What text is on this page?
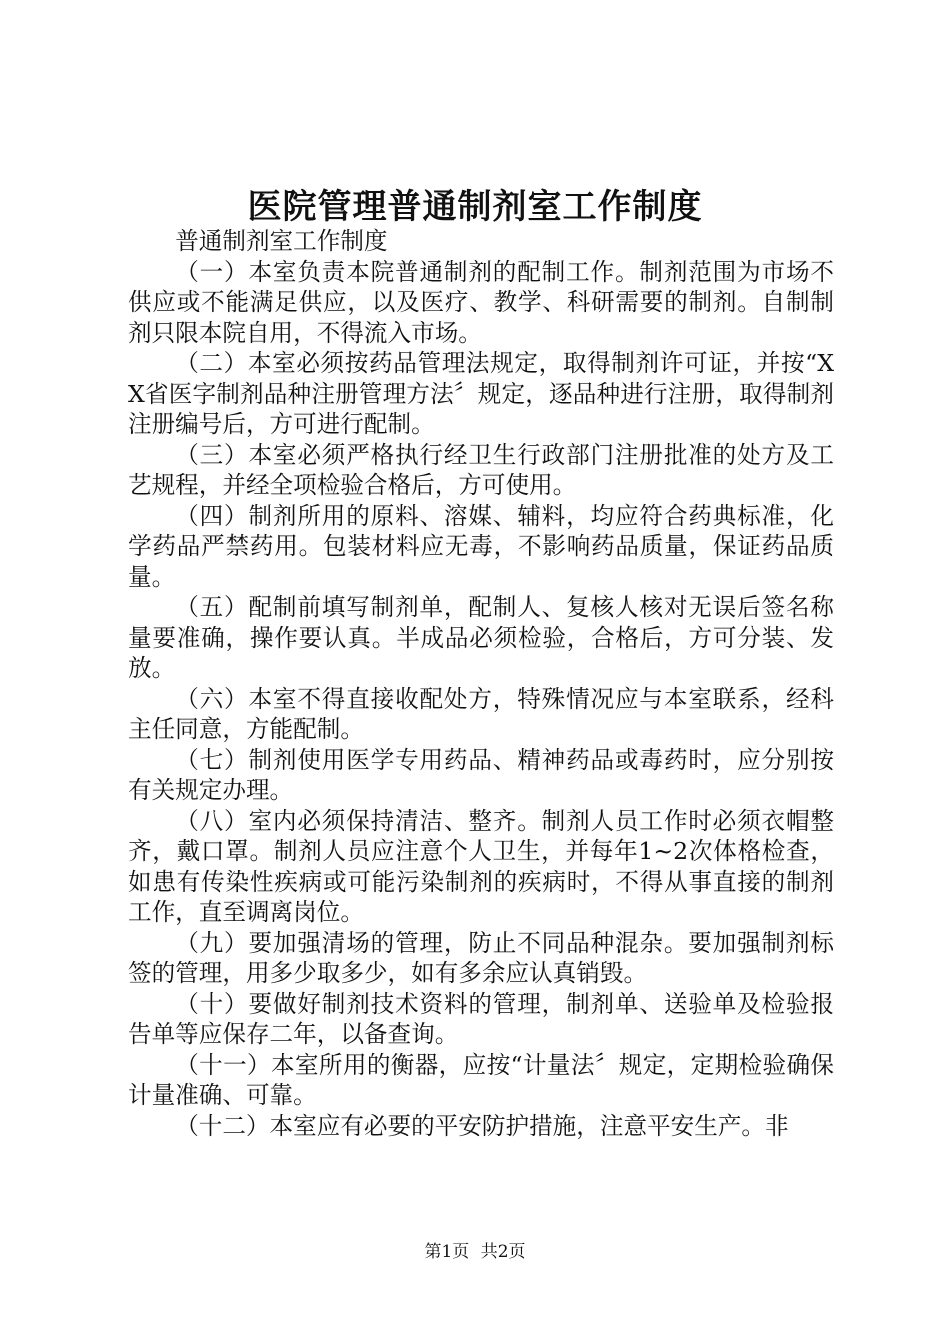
医院管理普通制剂室工作制度

普通制剂室工作制度

（一）本室负责本院普通制剂的配制工作。制剂范围为市场不供应或不能满足供应，以及医疗、教学、科研需要的制剂。自制制剂只限本院自用，不得流入市场。

（二）本室必须按药品管理法规定，取得制剂许可证，并按“XX省医字制剂品种注册管理方法〞规定，逐品种进行注册，取得制剂注册编号后，方可进行配制。

（三）本室必须严格执行经卫生行政部门注册批准的处方及工艺规程，并经全项检验合格后，方可使用。

（四）制剂所用的原料、溶媒、辅料，均应符合药典标准，化学药品严禁药用。包装材料应无毒，不影响药品质量，保证药品质量。

（五）配制前填写制剂单，配制人、复核人核对无误后签名称量要准确，操作要认真。半成品必须检验，合格后，方可分装、发放。

（六）本室不得直接收配处方，特殊情况应与本室联系，经科主任同意，方能配制。

（七）制剂使用医学专用药品、精神药品或毒药时，应分别按有关规定办理。

（八）室内必须保持清洁、整齐。制剂人员工作时必须衣帽整齐，戴口罩。制剂人员应注意个人卫生，并每年1~2次体格检查，如患有传染性疾病或可能污染制剂的疾病时，不得从事直接的制剂工作，直至调离岗位。

（九）要加强清场的管理，防止不同品种混杂。要加强制剂标签的管理，用多少取多少，如有多余应认真销毁。

（十）要做好制剂技术资料的管理，制剂单、送验单及检验报告单等应保存二年，以备查询。

（十一）本室所用的衡器，应按“计量法〞规定，定期检验确保计量准确、可靠。

（十二）本室应有必要的平安防护措施，注意平安生产。非

第1页 共2页
